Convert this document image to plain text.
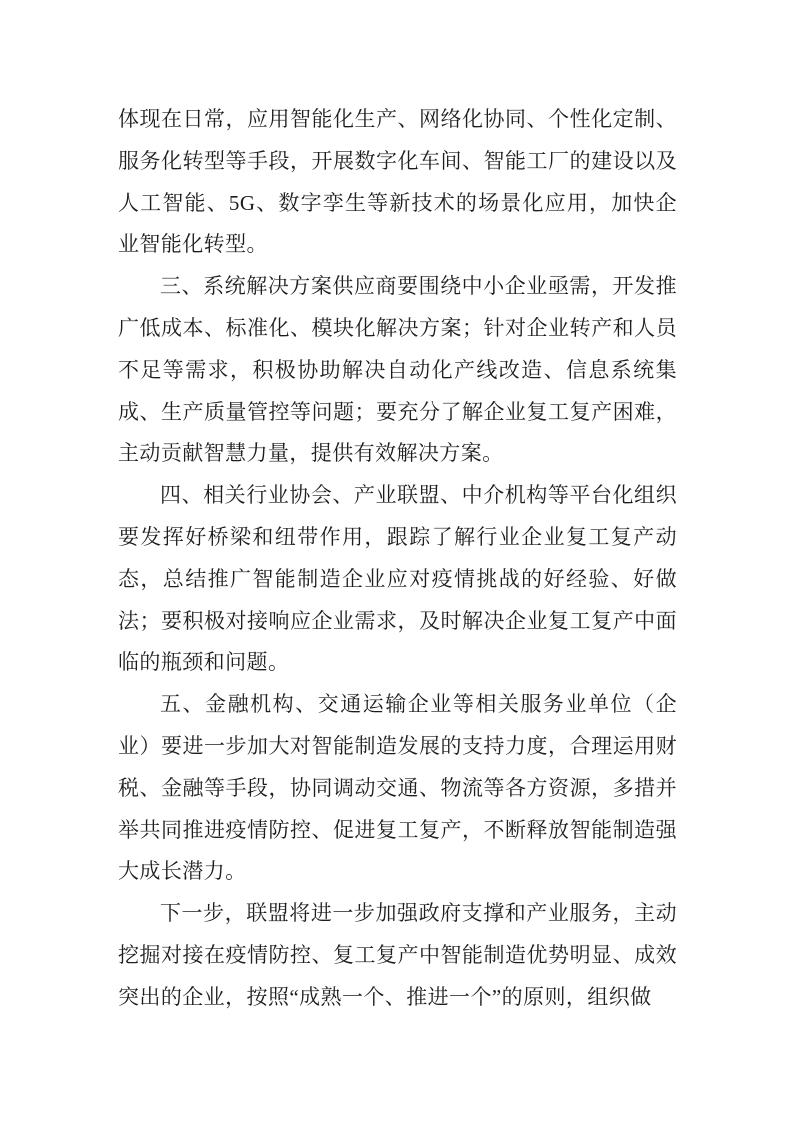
体现在日常，应用智能化生产、网络化协同、个性化定制、服务化转型等手段，开展数字化车间、智能工厂的建设以及人工智能、5G、数字孪生等新技术的场景化应用，加快企业智能化转型。

三、系统解决方案供应商要围绕中小企业亟需，开发推广低成本、标准化、模块化解决方案；针对企业转产和人员不足等需求，积极协助解决自动化产线改造、信息系统集成、生产质量管控等问题；要充分了解企业复工复产困难，主动贡献智慧力量，提供有效解决方案。

四、相关行业协会、产业联盟、中介机构等平台化组织要发挥好桥梁和纽带作用，跟踪了解行业企业复工复产动态，总结推广智能制造企业应对疫情挑战的好经验、好做法；要积极对接响应企业需求，及时解决企业复工复产中面临的瓶颈和问题。

五、金融机构、交通运输企业等相关服务业单位（企业）要进一步加大对智能制造发展的支持力度，合理运用财税、金融等手段，协同调动交通、物流等各方资源，多措并举共同推进疫情防控、促进复工复产，不断释放智能制造强大成长潜力。

下一步，联盟将进一步加强政府支撑和产业服务，主动挖掘对接在疫情防控、复工复产中智能制造优势明显、成效突出的企业，按照“成熟一个、推进一个”的原则，组织做
